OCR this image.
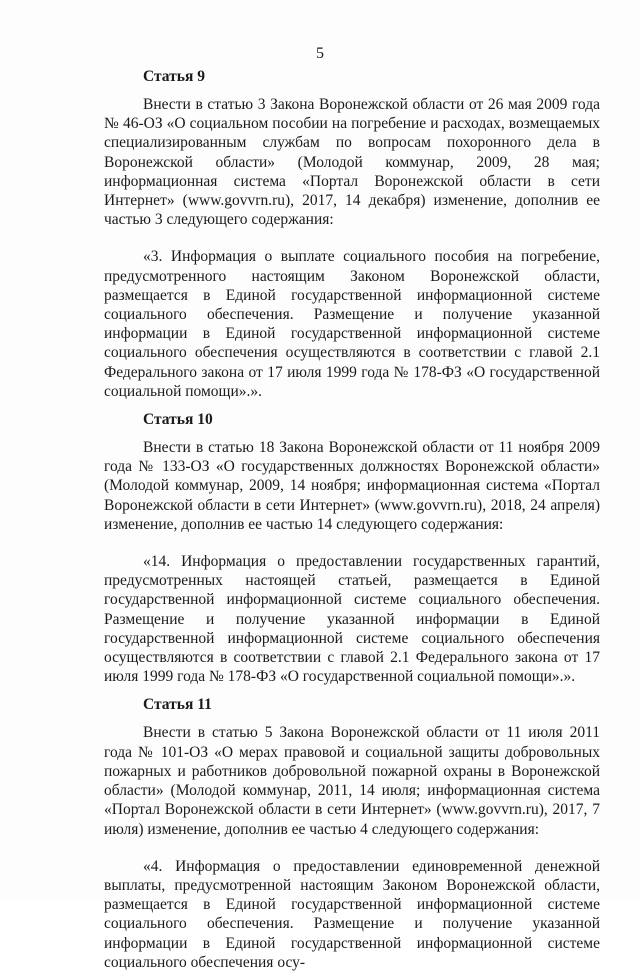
5
Статья 9

Внести в статью 3 Закона Воронежской области от 26 мая 2009 года № 46-ОЗ «О социальном пособии на погребение и расходах, возмещаемых специализированным службам по вопросам похоронного дела в Воронежской области» (Молодой коммунар, 2009, 28 мая; информационная система «Портал Воронежской области в сети Интернет» (www.govvrn.ru), 2017, 14 декабря) изменение, дополнив ее частью 3 следующего содержания:

«3. Информация о выплате социального пособия на погребение, предусмотренного настоящим Законом Воронежской области, размещается в Единой государственной информационной системе социального обеспечения. Размещение и получение указанной информации в Единой государственной информационной системе социального обеспечения осуществляются в соответствии с главой 2.1 Федерального закона от 17 июля 1999 года № 178-ФЗ «О государственной социальной помощи».».

Статья 10

Внести в статью 18 Закона Воронежской области от 11 ноября 2009 года № 133-ОЗ «О государственных должностях Воронежской области» (Молодой коммунар, 2009, 14 ноября; информационная система «Портал Воронежской области в сети Интернет» (www.govvrn.ru), 2018, 24 апреля) изменение, дополнив ее частью 14 следующего содержания:

«14. Информация о предоставлении государственных гарантий, предусмотренных настоящей статьей, размещается в Единой государственной информационной системе социального обеспечения. Размещение и получение указанной информации в Единой государственной информационной системе социального обеспечения осуществляются в соответствии с главой 2.1 Федерального закона от 17 июля 1999 года № 178-ФЗ «О государственной социальной помощи».».

Статья 11

Внести в статью 5 Закона Воронежской области от 11 июля 2011 года № 101-ОЗ «О мерах правовой и социальной защиты добровольных пожарных и работников добровольной пожарной охраны в Воронежской области» (Молодой коммунар, 2011, 14 июля; информационная система «Портал Воронежской области в сети Интернет» (www.govvrn.ru), 2017, 7 июля) изменение, дополнив ее частью 4 следующего содержания:

«4. Информация о предоставлении единовременной денежной выплаты, предусмотренной настоящим Законом Воронежской области, размещается в Единой государственной информационной системе социального обеспечения. Размещение и получение указанной информации в Единой государственной информационной системе социального обеспечения осу-
